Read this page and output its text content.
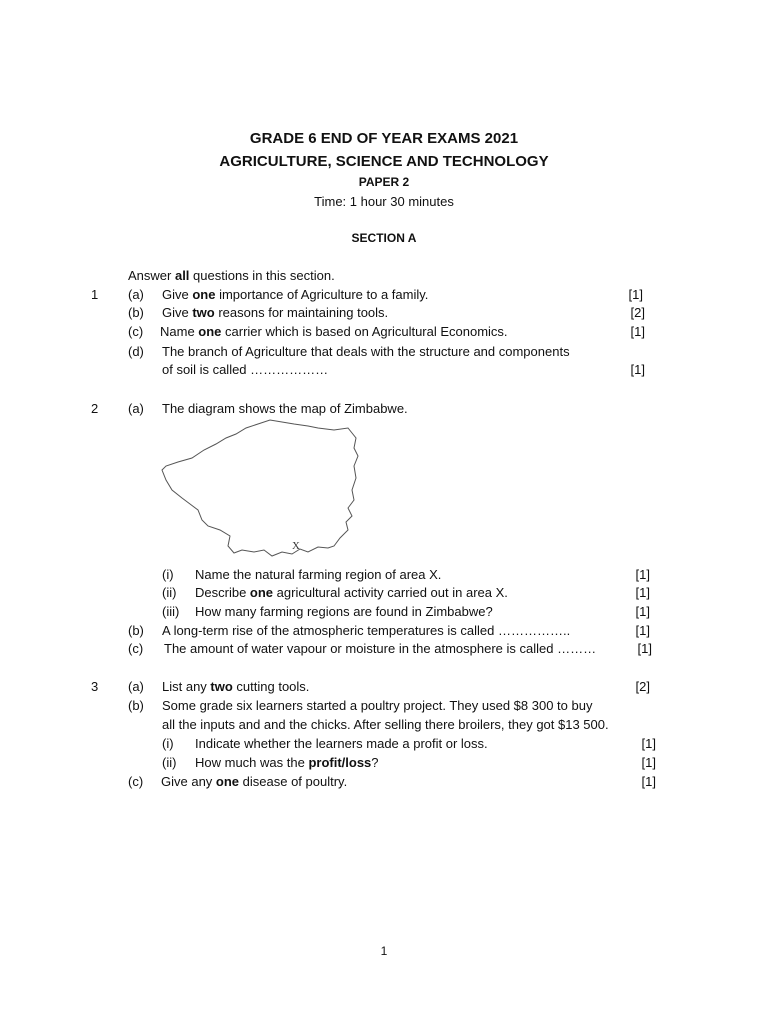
GRADE 6 END OF YEAR EXAMS 2021
AGRICULTURE, SCIENCE AND TECHNOLOGY
PAPER 2
Time: 1 hour 30 minutes
SECTION A
Answer all questions in this section.
1 (a) Give one importance of Agriculture to a family.	[1]
(b) Give two reasons for maintaining tools.	[2]
(c) Name one carrier which is based on Agricultural Economics.	[1]
(d) The branch of Agriculture that deals with the structure and components
of soil is called ………………	[1]
2 (a) The diagram shows the map of Zimbabwe.
X
(i) Name the natural farming region of area X.	[1]
(ii) Describe one agricultural activity carried out in area X.	[1]
(iii) How many farming regions are found in Zimbabwe?	[1]
(b) A long-term rise of the atmospheric temperatures is called ……………..	[1]
(c) The amount of water vapour or moisture in the atmosphere is called ………	[1]
3 (a) List any two cutting tools.	[2]
(b) Some grade six learners started a poultry project. They used $8 300 to buy
all the inputs and and the chicks. After selling there broilers, they got $13 500.
(i) Indicate whether the learners made a profit or loss.	[1]
(ii) How much was the profit/loss?	[1]
(c) Give any one disease of poultry.	[1]
1
